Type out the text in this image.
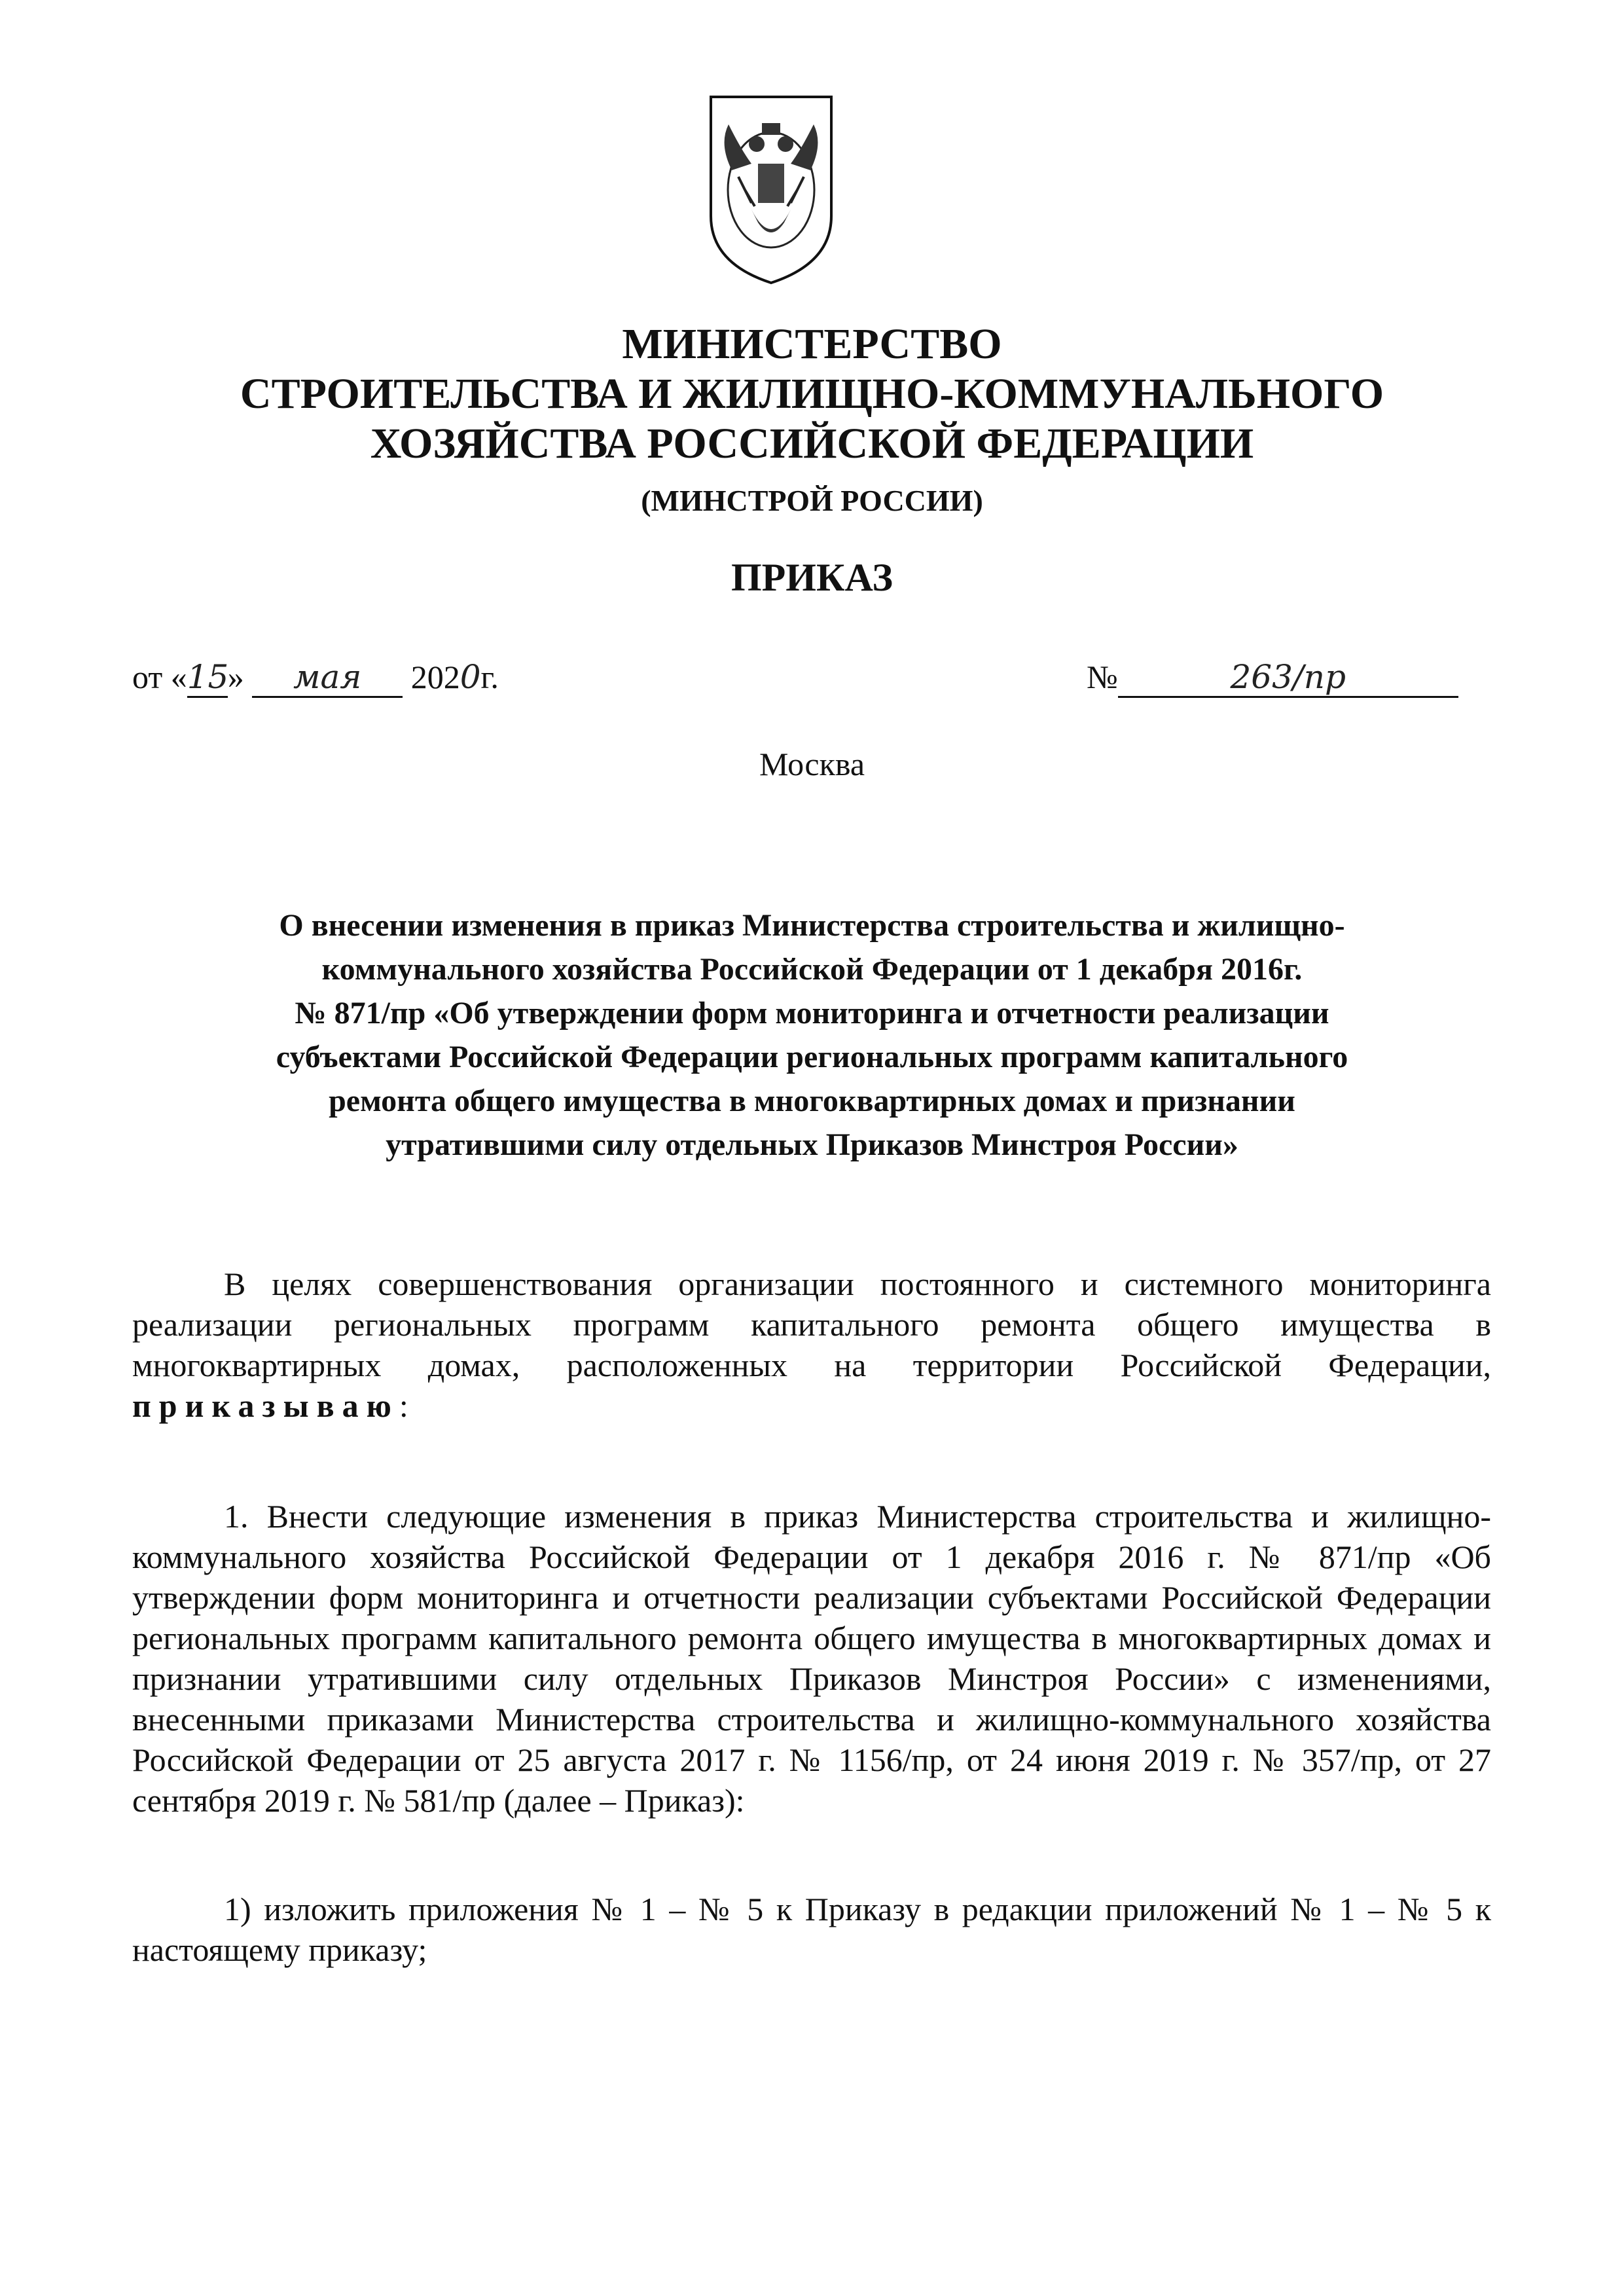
МИНИСТЕРСТВО
СТРОИТЕЛЬСТВА И ЖИЛИЩНО-КОММУНАЛЬНОГО
ХОЗЯЙСТВА РОССИЙСКОЙ ФЕДЕРАЦИИ
(МИНСТРОЙ РОССИИ)
ПРИКАЗ
от «15» мая 2020г.	№	263/пр
Москва
О внесении изменения в приказ Министерства строительства и жилищно-
коммунального хозяйства Российской Федерации от 1 декабря 2016г.
№ 871/пр «Об утверждении форм мониторинга и отчетности реализации
субъектами Российской Федерации региональных программ капитального
ремонта общего имущества в многоквартирных домах и признании
утратившими силу отдельных Приказов Минстроя России»

В целях совершенствования организации постоянного и системного мониторинга реализации региональных программ капитального ремонта общего имущества в многоквартирных домах, расположенных на территории Российской Федерации, приказываю:

1. Внести следующие изменения в приказ Министерства строительства и жилищно-коммунального хозяйства Российской Федерации от 1 декабря 2016 г. № 871/пр «Об утверждении форм мониторинга и отчетности реализации субъектами Российской Федерации региональных программ капитального ремонта общего имущества в многоквартирных домах и признании утратившими силу отдельных Приказов Минстроя России» с изменениями, внесенными приказами Министерства строительства и жилищно-коммунального хозяйства Российской Федерации от 25 августа 2017 г. № 1156/пр, от 24 июня 2019 г. № 357/пр, от 27 сентября 2019 г. № 581/пр (далее – Приказ):

1) изложить приложения № 1 – № 5 к Приказу в редакции приложений № 1 – № 5 к настоящему приказу;
